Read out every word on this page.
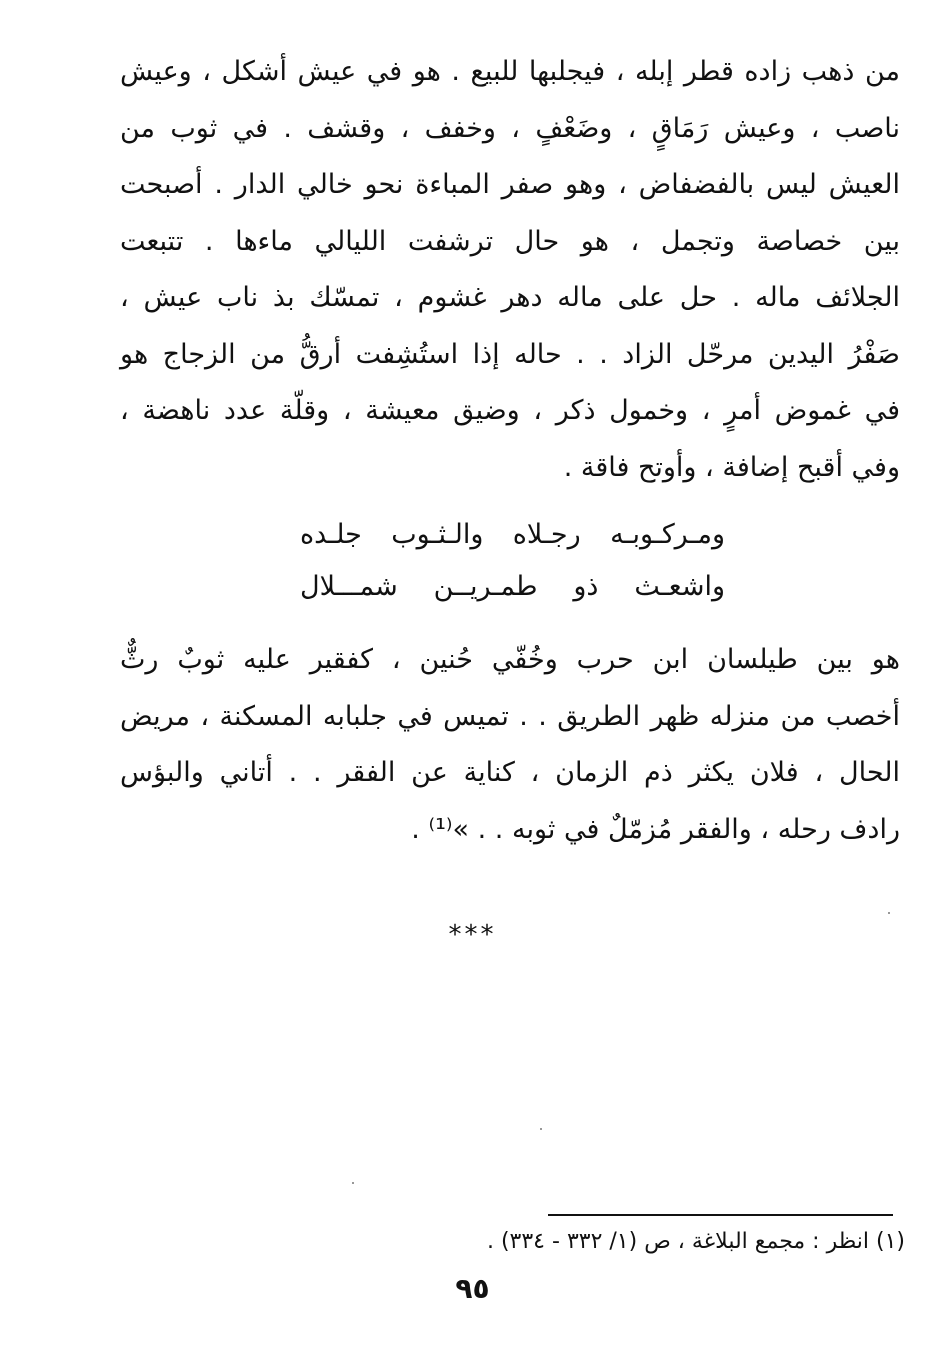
من ذهب زاده قطر إبله ، فيجلبها للبيع . هو في عيش أشكل ، وعيش
ناصب ، وعيش رَمَاقٍ ، وضَعْفٍ ، وخفف ، وقشف . في ثوب من
العيش ليس بالفضفاض ، وهو صفر المباءة نحو خالي الدار . أصبحت
بين خصاصة وتجمل ، هو حال ترشفت الليالي ماءها . تتبعت
الجلائف ماله . حل على ماله دهر غشوم ، تمسّك بذ ناب عيش ،
صَفْرُ اليدين مرحّل الزاد . . حاله إذا استُشِفت أرقُّ من الزجاج هو
في غموض أمرٍ ، وخمول ذكر ، وضيق معيشة ، وقلّة عدد ناهضة ،
وفي أقبح إضافة ، وأوتح فاقة .
ومـركـوبـه رجـلاه والـثـوب جلـده
واشعـث ذو طمـريــن شمـــلال
هو بين طيلسان ابن حرب وخُفّي حُنين ، كفقير عليه ثوبٌ رثٌّ
أخصب من منزله ظهر الطريق . . تميس في جلبابه المسكنة ، مريض
الحال ، فلان يكثر ذم الزمان ، كناية عن الفقر . . أتاني والبؤس
رادف رحله ، والفقر مُزمّلٌ في ثوبه . . »⁽¹⁾ .
***
(١) انظر : مجمع البلاغة ، ص (١/ ٣٣٢ - ٣٣٤) .
٩٥
